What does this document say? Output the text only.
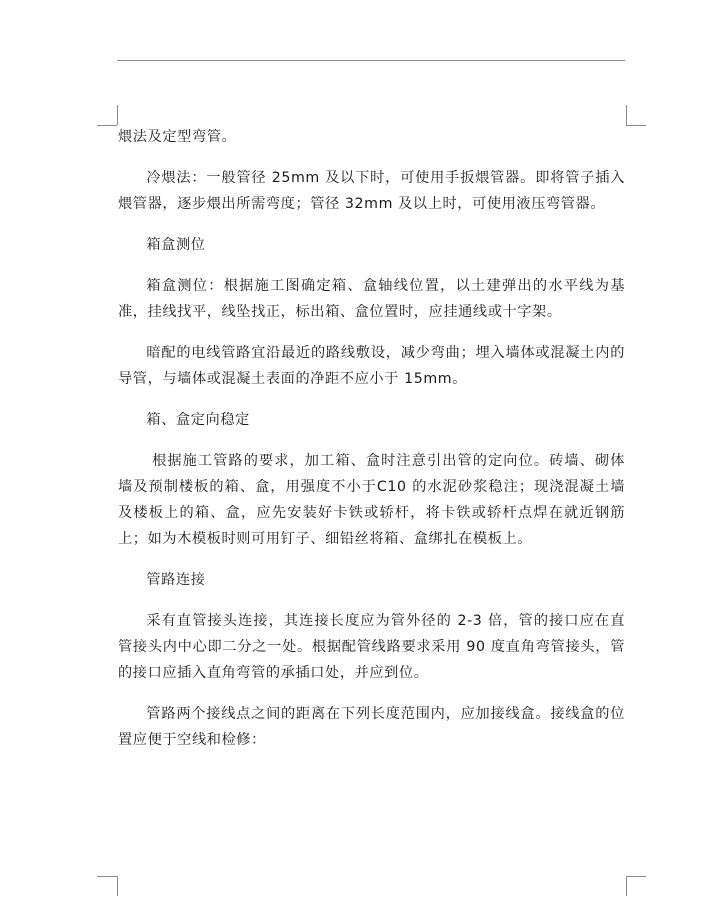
煨法及定型弯管。

冷煨法：一般管径 25mm 及以下时，可使用手扳煨管器。即将管子插入煨管器，逐步煨出所需弯度；管径 32mm 及以上时，可使用液压弯管器。

箱盒测位

箱盒测位：根据施工图确定箱、盒轴线位置，以土建弹出的水平线为基准，挂线找平，线坠找正，标出箱、盒位置时，应挂通线或十字架。

暗配的电线管路宜沿最近的路线敷设，减少弯曲；埋入墙体或混凝土内的导管，与墙体或混凝土表面的净距不应小于 15mm。

箱、盒定向稳定

根据施工管路的要求，加工箱、盒时注意引出管的定向位。砖墙、砌体墙及预制楼板的箱、盒，用强度不小于C10 的水泥砂浆稳注；现浇混凝土墙及楼板上的箱、盒，应先安装好卡铁或轿杆，将卡铁或轿杆点焊在就近钢筋上；如为木模板时则可用钉子、细铅丝将箱、盒绑扎在模板上。

管路连接

采有直管接头连接，其连接长度应为管外径的 2-3 倍，管的接口应在直管接头内中心即二分之一处。根据配管线路要求采用 90 度直角弯管接头，管的接口应插入直角弯管的承插口处，并应到位。

管路两个接线点之间的距离在下列长度范围内，应加接线盒。接线盒的位置应便于空线和检修：
